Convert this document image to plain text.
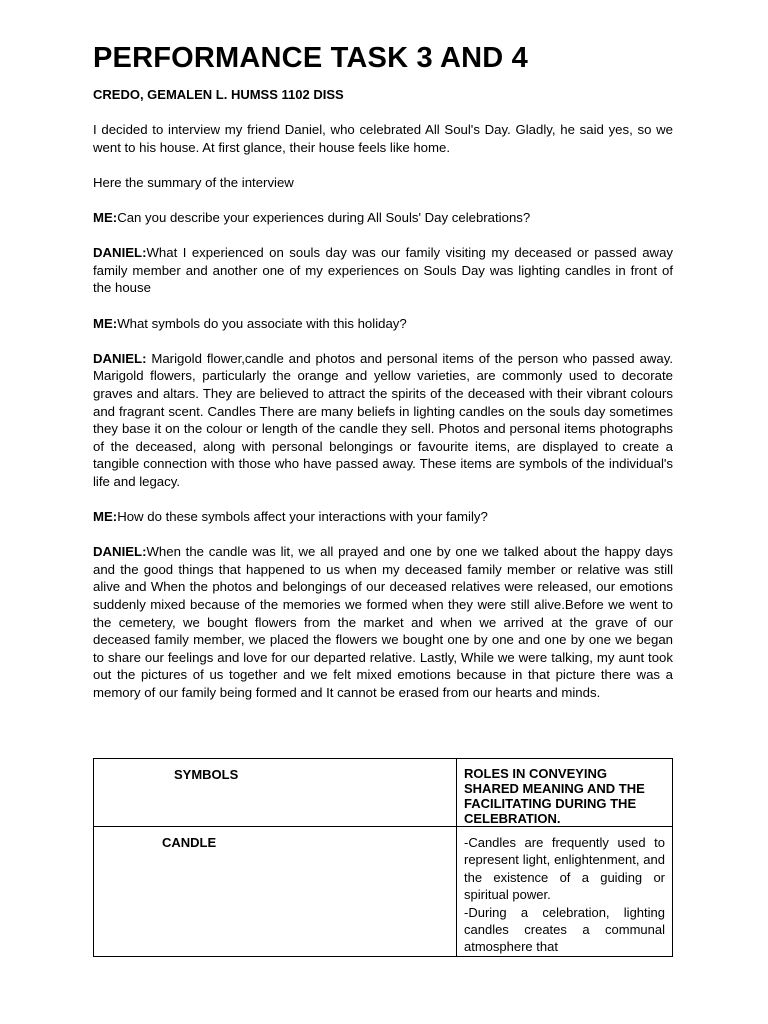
PERFORMANCE TASK 3 AND 4
CREDO, GEMALEN L. HUMSS 1102 DISS

I decided to interview my friend Daniel, who celebrated All Soul's Day. Gladly, he said yes, so we went to his house. At first glance, their house feels like home.

Here the summary of the interview

ME:Can you describe your experiences during All Souls' Day celebrations?

DANIEL:What I experienced on souls day was our family visiting my deceased or passed away family member and another one of my experiences on Souls Day was lighting candles in front of the house

ME:What symbols do you associate with this holiday?

DANIEL: Marigold flower,candle and photos and personal items of the person who passed away. Marigold flowers, particularly the orange and yellow varieties, are commonly used to decorate graves and altars. They are believed to attract the spirits of the deceased with their vibrant colours and fragrant scent. Candles There are many beliefs in lighting candles on the souls day sometimes they base it on the colour or length of the candle they sell. Photos and personal items photographs of the deceased, along with personal belongings or favourite items, are displayed to create a tangible connection with those who have passed away. These items are symbols of the individual's life and legacy.

ME:How do these symbols affect your interactions with your family?

DANIEL:When the candle was lit, we all prayed and one by one we talked about the happy days and the good things that happened to us when my deceased family member or relative was still alive and When the photos and belongings of our deceased relatives were released, our emotions suddenly mixed because of the memories we formed when they were still alive.Before we went to the cemetery, we bought flowers from the market and when we arrived at the grave of our deceased family member, we placed the flowers we bought one by one and one by one we began to share our feelings and love for our departed relative. Lastly, While we were talking, my aunt took out the pictures of us together and we felt mixed emotions because in that picture there was a memory of our family being formed and It cannot be erased from our hearts and minds.

SYMBOLS	ROLES IN CONVEYING SHARED MEANING AND THE FACILITATING DURING THE CELEBRATION.
CANDLE	-Candles are frequently used to represent light, enlightenment, and the existence of a guiding or spiritual power.

-During a celebration, lighting candles creates a communal atmosphere that
